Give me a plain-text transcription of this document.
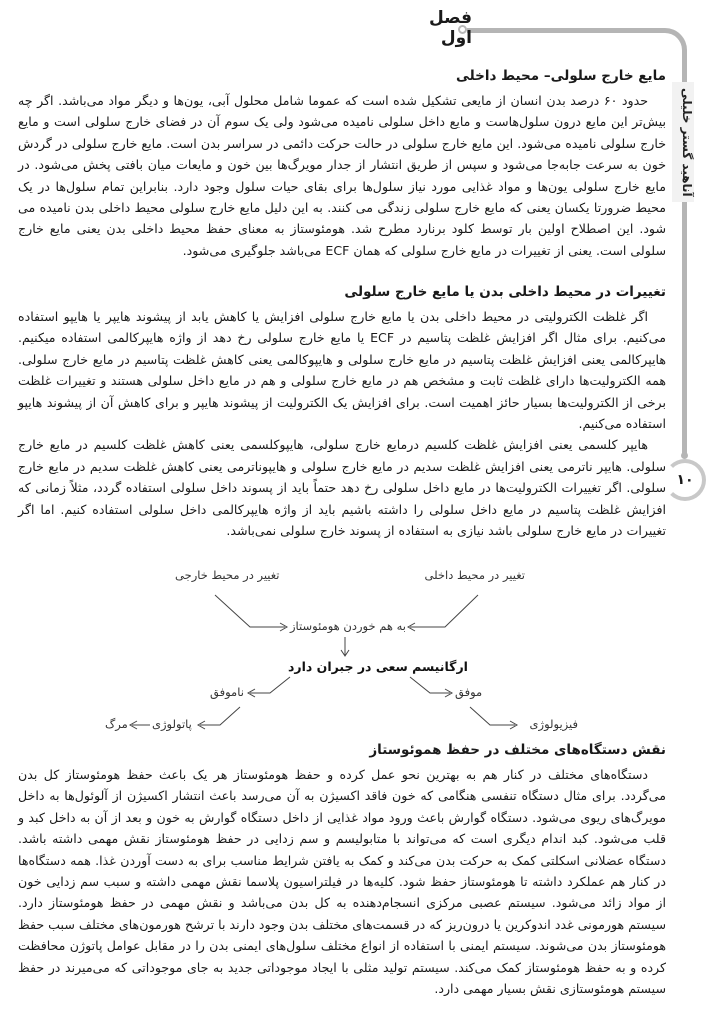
فصل اول
آناهید گستر خلیلی
۱۰
مایع خارج سلولی– محیط داخلی

حدود ۶۰ درصد بدن انسان از مایعی تشکیل شده است که عموما شامل محلول آبی، یون‌ها و دیگر مواد می‌باشد. اگر چه بیش‌تر این مایع درون سلول‌هاست و مایع داخل سلولی نامیده می‌شود ولی یک سوم آن در فضای خارج سلولی است و مایع خارج سلولی نامیده می‌شود. این مایع خارج سلولی در حالت حرکت دائمی در سراسر بدن است. مایع خارج سلولی در گردش خون به سرعت جابه‌جا می‌شود و سپس از طریق انتشار از جدار مویرگ‌ها بین خون و مایعات میان بافتی پخش می‌شود. در مایع خارج سلولی یون‌ها و مواد غذایی مورد نیاز سلول‌ها برای بقای حیات سلول وجود دارد. بنابراین تمام سلول‌ها در یک محیط ضرورتا یکسان یعنی که مایع خارج سلولی زندگی می کنند. به این دلیل مایع خارج سلولی محیط داخلی بدن نامیده می شود. این اصطلاح اولین بار توسط کلود برنارد مطرح شد. هومئوستاز به معنای حفظ محیط داخلی بدن یعنی مایع خارج سلولی است. یعنی از تغییرات در مایع خارج سلولی که همان ECF می‌باشد جلوگیری می‌شود.

تغییرات در محیط داخلی بدن یا مایع خارج سلولی

اگر غلظت الکترولیتی در محیط داخلی بدن یا مایع خارج سلولی افزایش یا کاهش یابد از پیشوند هایپر یا هایپو استفاده می‌کنیم. برای مثال اگر افزایش غلظت پتاسیم در ECF یا مایع خارج سلولی رخ دهد از واژه هایپرکالمی استفاده میکنیم. هایپرکالمی یعنی افزایش غلظت پتاسیم در مایع خارج سلولی و هایپوکالمی یعنی کاهش غلظت پتاسیم در مایع خارج سلولی. همه الکترولیت‌ها دارای غلظت ثابت و مشخص هم در مایع خارج سلولی و هم در مایع داخل سلولی هستند و تغییرات غلظت برخی از الکترولیت‌ها بسیار حائز اهمیت است. برای افزایش یک الکترولیت از پیشوند هایپر و برای کاهش آن از پیشوند هایپو استفاده می‌کنیم.

هایپر کلسمی یعنی افزایش غلظت کلسیم درمایع خارج سلولی، هایپوکلسمی یعنی کاهش غلظت کلسیم در مایع خارج سلولی. هایپر ناترمی یعنی افزایش غلظت سدیم در مایع خارج سلولی و هایپوناترمی یعنی کاهش غلظت سدیم در مایع خارج سلولی. اگر تغییرات الکترولیت‌ها در مایع داخل سلولی رخ دهد حتماً باید از پسوند داخل سلولی استفاده گردد، مثلاً زمانی که افزایش غلظت پتاسیم در مایع داخل سلولی را داشته باشیم باید از واژه هایپرکالمی داخل سلولی استفاده کنیم. اما اگر تغییرات در مایع خارج سلولی باشد نیازی به استفاده از پسوند خارج سلولی نمی‌باشد.

تغییر در محیط داخلی
تغییر در محیط خارجی
به هم خوردن هومئوستاز
ارگانیسم سعی در جبران دارد
موفق
ناموفق
فیزیولوژی
پاتولوژی
مرگ
نقش دستگاه‌های مختلف در حفظ هموئوستاز

دستگاه‌های مختلف در کنار هم به بهترین نحو عمل کرده و حفظ هومئوستاز هر یک باعث حفظ هومئوستاز کل بدن می‌گردد. برای مثال دستگاه تنفسی هنگامی که خون فاقد اکسیژن به آن می‌رسد باعث انتشار اکسیژن از آلوئول‌ها به داخل مویرگ‌های ریوی می‌شود. دستگاه گوارش باعث ورود مواد غذایی از داخل دستگاه گوارش به خون و بعد از آن به داخل کبد و قلب می‌شود. کبد اندام دیگری است که می‌تواند با متابولیسم و سم زدایی در حفظ هومئوستاز نقش مهمی داشته باشد. دستگاه عضلانی اسکلتی کمک به حرکت بدن می‌کند و کمک به یافتن شرایط مناسب برای به دست آوردن غذا. همه دستگاه‌ها در کنار هم عملکرد داشته تا هومئوستاز حفظ شود. کلیه‌ها در فیلتراسیون پلاسما نقش مهمی داشته و سبب سم زدایی خون از مواد زائد می‌شود. سیستم عصبی مرکزی انسجام‌دهنده به کل بدن می‌باشد و نقش مهمی در حفظ هومئوستاز دارد. سیستم هورمونی غدد اندوکرین یا درون‌ریز که در قسمت‌های مختلف بدن وجود دارند با ترشح هورمون‌های مختلف سبب حفظ هومئوستاز بدن می‌شوند. سیستم ایمنی با استفاده از انواع مختلف سلول‌های ایمنی بدن را در مقابل عوامل پاتوژن محافظت کرده و به حفظ هومئوستاز کمک می‌کند. سیستم تولید مثلی با ایجاد موجوداتی جدید به جای موجوداتی که می‌میرند در حفظ سیستم هومئوستازی نقش بسیار مهمی دارد.
